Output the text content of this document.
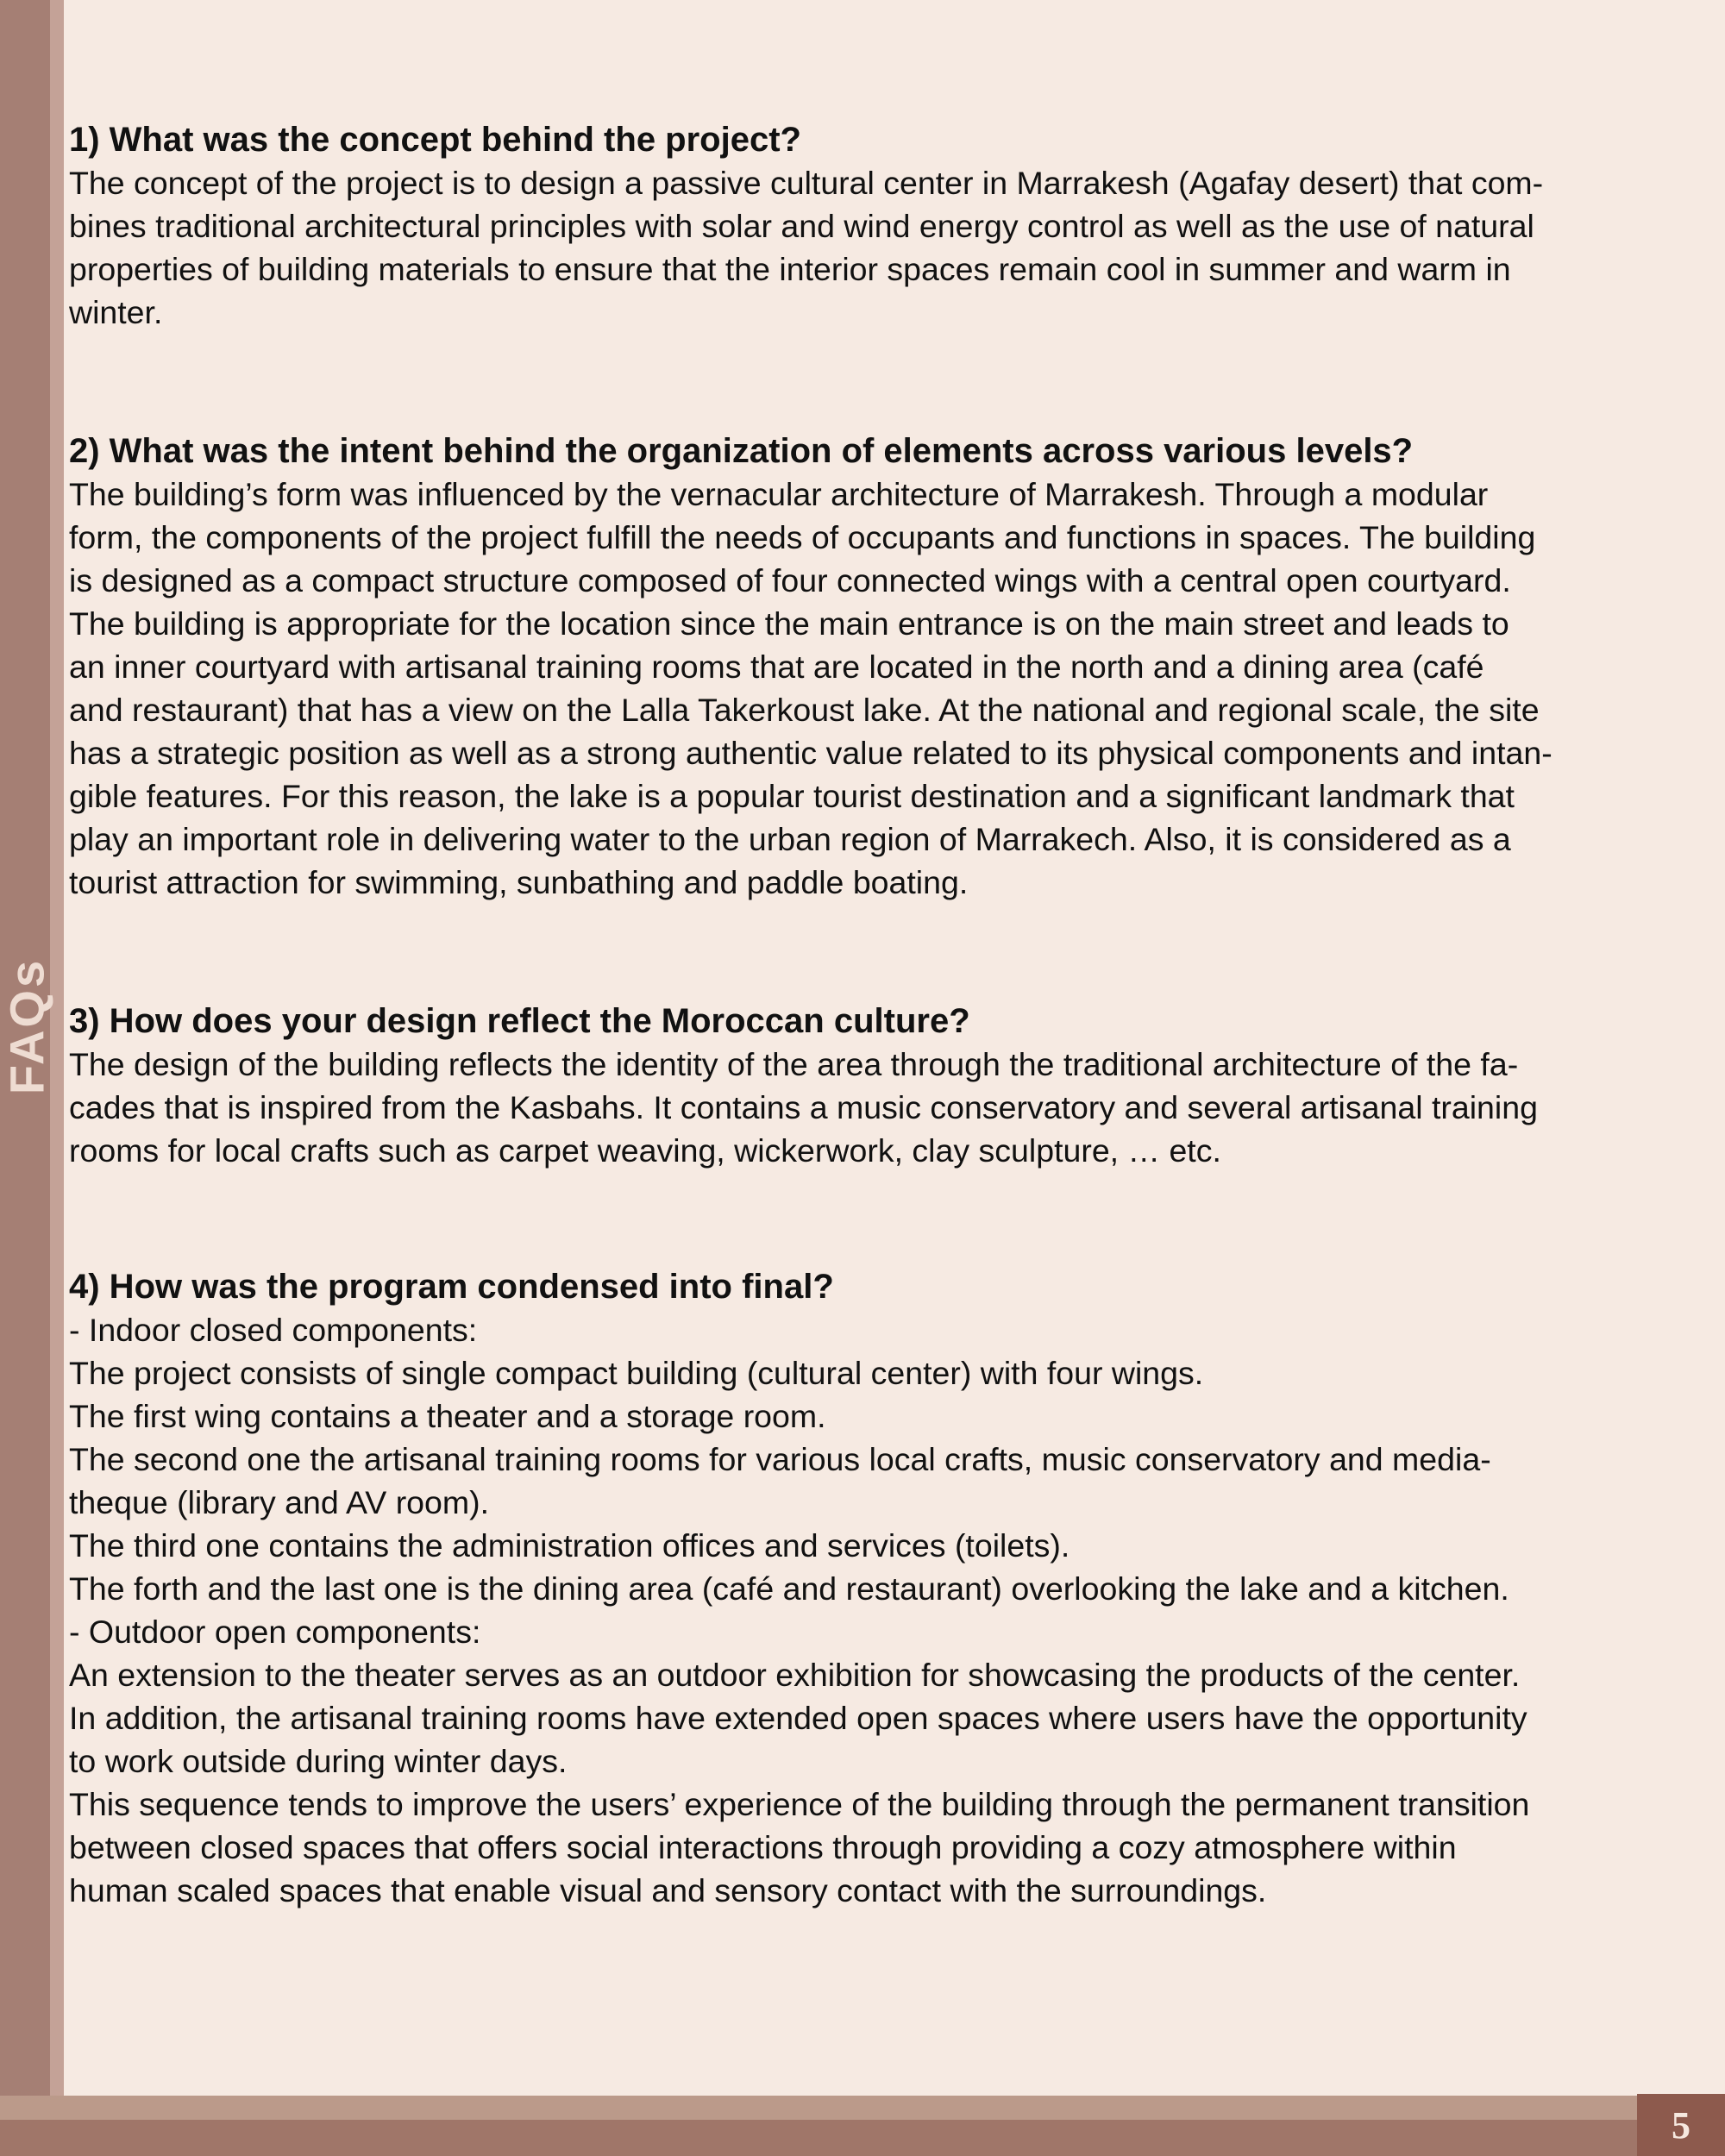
FAQs

1) What was the concept behind the project?

The concept of the project is to design a passive cultural center in Marrakesh (Agafay desert) that com-

bines traditional architectural principles with solar and wind energy control as well as the use of natural

properties of building materials to ensure that the interior spaces remain cool in summer and warm in

winter.

2) What was the intent behind the organization of elements across various levels?

The building’s form was influenced by the vernacular architecture of Marrakesh. Through a modular

form, the components of the project fulfill the needs of occupants and functions in spaces. The building

is designed as a compact structure composed of four connected wings with a central open courtyard.

The building is appropriate for the location since the main entrance is on the main street and leads to

an inner courtyard with artisanal training rooms that are located in the north and a dining area (café

and restaurant) that has a view on the Lalla Takerkoust lake. At the national and regional scale, the site

has a strategic position as well as a strong authentic value related to its physical components and intan-

gible features. For this reason, the lake is a popular tourist destination and a significant landmark that

play an important role in delivering water to the urban region of Marrakech. Also, it is considered as a

tourist attraction for swimming, sunbathing and paddle boating.

3) How does your design reflect the Moroccan culture?

The design of the building reflects the identity of the area through the traditional architecture of the fa-

cades that is inspired from the Kasbahs. It contains a music conservatory and several artisanal training

rooms for local crafts such as carpet weaving, wickerwork, clay sculpture, … etc.

4) How was the program condensed into final?

- Indoor closed components:

The project consists of single compact building (cultural center) with four wings.

The first wing contains a theater and a storage room.

The second one the artisanal training rooms for various local crafts, music conservatory and media-

theque (library and AV room).

The third one contains the administration offices and services (toilets).

The forth and the last one is the dining area (café and restaurant) overlooking the lake and a kitchen.

- Outdoor open components:

An extension to the theater serves as an outdoor exhibition for showcasing the products of the center.

In addition, the artisanal training rooms have extended open spaces where users have the opportunity

to work outside during winter days.

This sequence tends to improve the users’ experience of the building through the permanent transition

between closed spaces that offers social interactions through providing a cozy atmosphere within

human scaled spaces that enable visual and sensory contact with the surroundings.

5
